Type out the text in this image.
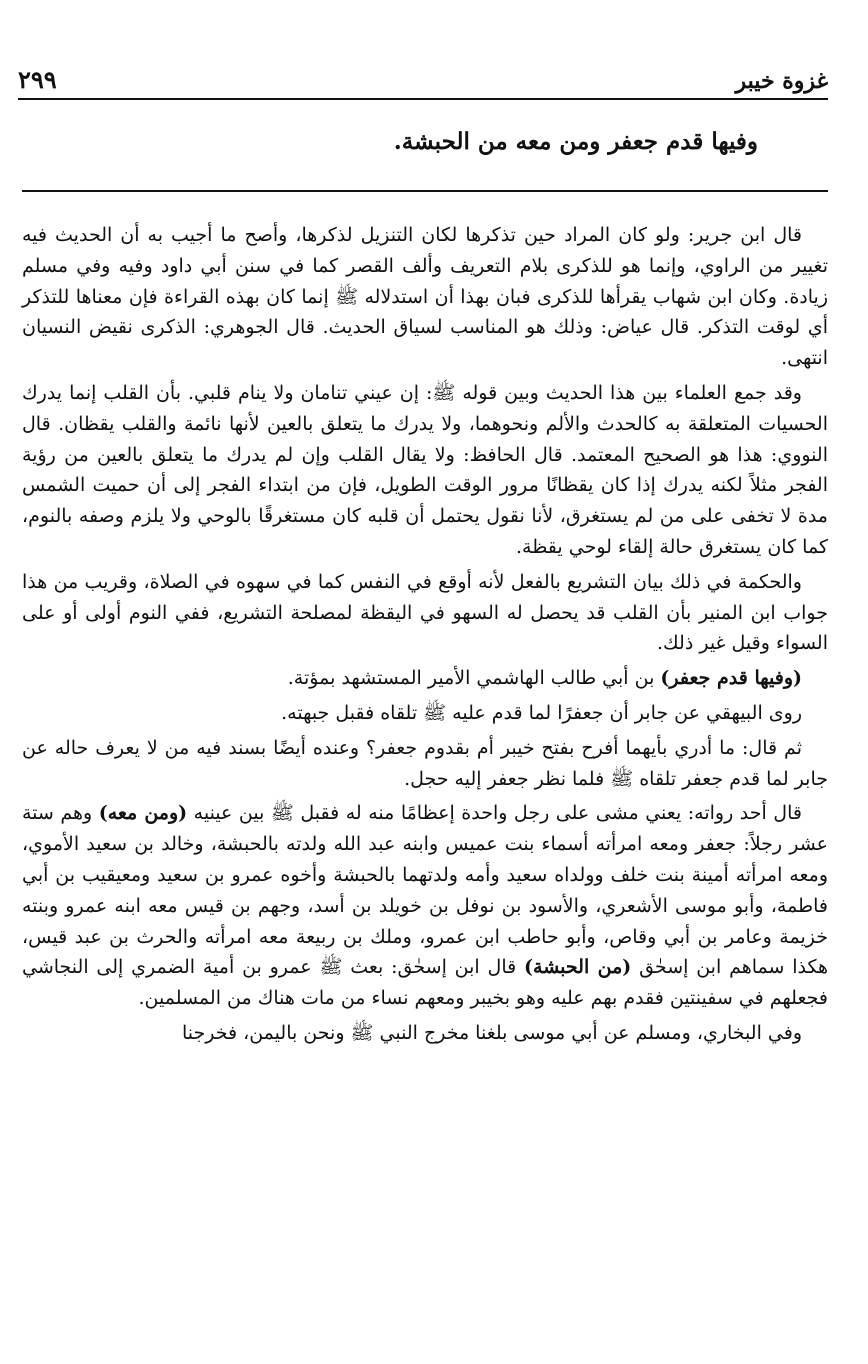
غزوة خيبر
٢٩٩
وفيها قدم جعفر ومن معه من الحبشة.

قال ابن جرير: ولو كان المراد حين تذكرها لكان التنزيل لذكرها، وأصح ما أجيب به أن الحديث فيه تغيير من الراوي، وإنما هو للذكرى بلام التعريف وألف القصر كما في سنن أبي داود وفيه وفي مسلم زيادة. وكان ابن شهاب يقرأها للذكرى فبان بهذا أن استدلاله ﷺ إنما كان بهذه القراءة فإن معناها للتذكر أي لوقت التذكر. قال عياض: وذلك هو المناسب لسياق الحديث. قال الجوهري: الذكرى نقيض النسيان انتهى.

وقد جمع العلماء بين هذا الحديث وبين قوله ﷺ: إن عيني تنامان ولا ينام قلبي. بأن القلب إنما يدرك الحسيات المتعلقة به كالحدث والألم ونحوهما، ولا يدرك ما يتعلق بالعين لأنها نائمة والقلب يقظان. قال النووي: هذا هو الصحيح المعتمد. قال الحافظ: ولا يقال القلب وإن لم يدرك ما يتعلق بالعين من رؤية الفجر مثلاً لكنه يدرك إذا كان يقظانًا مرور الوقت الطويل، فإن من ابتداء الفجر إلى أن حميت الشمس مدة لا تخفى على من لم يستغرق، لأنا نقول يحتمل أن قلبه كان مستغرقًا بالوحي ولا يلزم وصفه بالنوم، كما كان يستغرق حالة إلقاء لوحي يقظة.

والحكمة في ذلك بيان التشريع بالفعل لأنه أوقع في النفس كما في سهوه في الصلاة، وقريب من هذا جواب ابن المنير بأن القلب قد يحصل له السهو في اليقظة لمصلحة التشريع، ففي النوم أولى أو على السواء وقيل غير ذلك.

(وفيها قدم جعفر) بن أبي طالب الهاشمي الأمير المستشهد بمؤتة.

روى البيهقي عن جابر أن جعفرًا لما قدم عليه ﷺ تلقاه فقبل جبهته.

ثم قال: ما أدري بأيهما أفرح بفتح خيبر أم بقدوم جعفر؟ وعنده أيضًا بسند فيه من لا يعرف حاله عن جابر لما قدم جعفر تلقاه ﷺ فلما نظر جعفر إليه حجل.

قال أحد رواته: يعني مشى على رجل واحدة إعظامًا منه له فقبل ﷺ بين عينيه (ومن معه) وهم ستة عشر رجلاً: جعفر ومعه امرأته أسماء بنت عميس وابنه عبد الله ولدته بالحبشة، وخالد بن سعيد الأموي، ومعه امرأته أمينة بنت خلف وولداه سعيد وأمه ولدتهما بالحبشة وأخوه عمرو بن سعيد ومعيقيب بن أبي فاطمة، وأبو موسى الأشعري، والأسود بن نوفل بن خويلد بن أسد، وجهم بن قيس معه ابنه عمرو وبنته خزيمة وعامر بن أبي وقاص، وأبو حاطب ابن عمرو، وملك بن ربيعة معه امرأته والحرث بن عبد قيس، هكذا سماهم ابن إسحٰق (من الحبشة) قال ابن إسحٰق: بعث ﷺ عمرو بن أمية الضمري إلى النجاشي فجعلهم في سفينتين فقدم بهم عليه وهو بخيبر ومعهم نساء من مات هناك من المسلمين.

وفي البخاري، ومسلم عن أبي موسى بلغنا مخرج النبي ﷺ ونحن باليمن، فخرجنا
